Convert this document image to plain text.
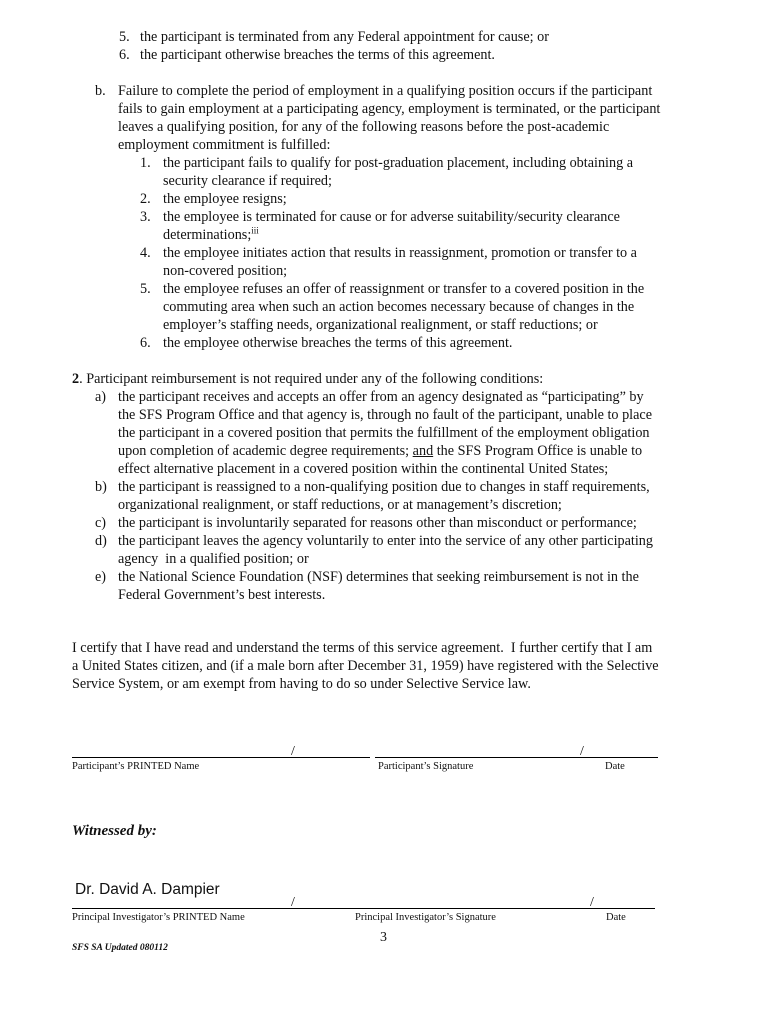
5. the participant is terminated from any Federal appointment for cause; or
6. the participant otherwise breaches the terms of this agreement.
b. Failure to complete the period of employment in a qualifying position occurs if the participant
fails to gain employment at a participating agency, employment is terminated, or the participant
leaves a qualifying position, for any of the following reasons before the post-academic
employment commitment is fulfilled:
1. the participant fails to qualify for post-graduation placement, including obtaining a
security clearance if required;
2. the employee resigns;
3. the employee is terminated for cause or for adverse suitability/security clearance
determinations;$^{iii}$
4. the employee initiates action that results in reassignment, promotion or transfer to a
non-covered position;
5. the employee refuses an offer of reassignment or transfer to a covered position in the
commuting area when such an action becomes necessary because of changes in the
employer’s staffing needs, organizational realignment, or staff reductions; or
6. the employee otherwise breaches the terms of this agreement.
2. Participant reimbursement is not required under any of the following conditions:
a) the participant receives and accepts an offer from an agency designated as “participating” by
the SFS Program Office and that agency is, through no fault of the participant, unable to place
the participant in a covered position that permits the fulfillment of the employment obligation
upon completion of academic degree requirements; and the SFS Program Office is unable to
effect alternative placement in a covered position within the continental United States;
b) the participant is reassigned to a non-qualifying position due to changes in staff requirements,
organizational realignment, or staff reductions, or at management’s discretion;
c) the participant is involuntarily separated for reasons other than misconduct or performance;
d) the participant leaves the agency voluntarily to enter into the service of any other participating
agency  in a qualified position; or
e) the National Science Foundation (NSF) determines that seeking reimbursement is not in the
Federal Government’s best interests.
I certify that I have read and understand the terms of this service agreement.  I further certify that I am
a United States citizen, and (if a male born after December 31, 1959) have registered with the Selective
Service System, or am exempt from having to do so under Selective Service law.
/	/
Participant’s PRINTED Name	Participant’s Signature	Date
Witnessed by:
Dr. David A. Dampier
/	/
Principal Investigator’s PRINTED Name	Principal Investigator’s Signature	Date
3
SFS SA Updated 080112
